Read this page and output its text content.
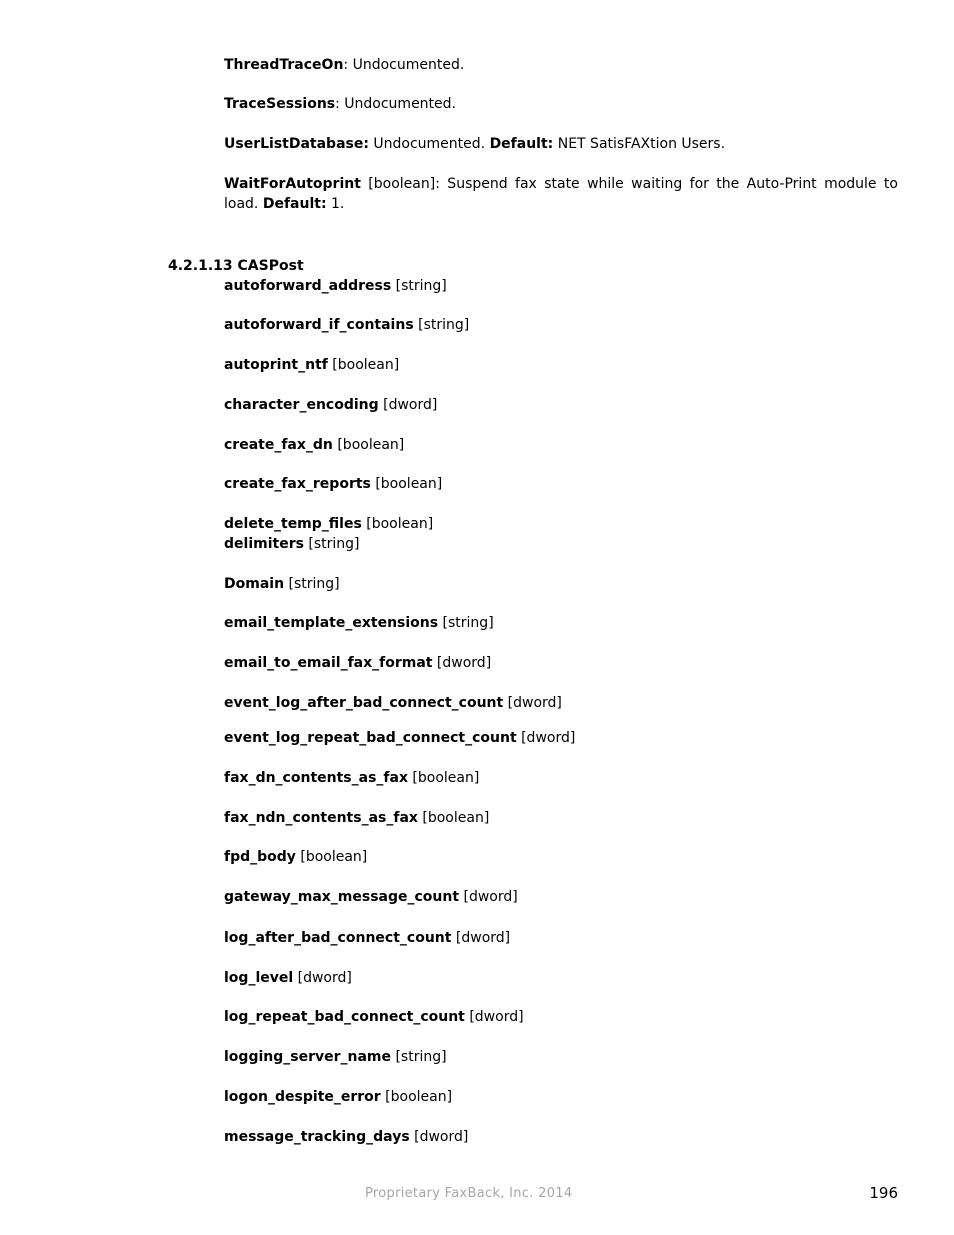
ThreadTraceOn: Undocumented.
TraceSessions: Undocumented.
UserListDatabase: Undocumented. Default: NET SatisFAXtion Users.
WaitForAutoprint [boolean]: Suspend fax state while waiting for the Auto-Print module to
load. Default: 1.
4.2.1.13 CASPost
autoforward_address [string]
autoforward_if_contains [string]
autoprint_ntf [boolean]
character_encoding [dword]
create_fax_dn [boolean]
create_fax_reports [boolean]
delete_temp_files [boolean]
delimiters [string]
Domain [string]
email_template_extensions [string]
email_to_email_fax_format [dword]
event_log_after_bad_connect_count [dword]
event_log_repeat_bad_connect_count [dword]
fax_dn_contents_as_fax [boolean]
fax_ndn_contents_as_fax [boolean]
fpd_body [boolean]
gateway_max_message_count [dword]
log_after_bad_connect_count [dword]
log_level [dword]
log_repeat_bad_connect_count [dword]
logging_server_name [string]
logon_despite_error [boolean]
message_tracking_days [dword]
Proprietary FaxBack, Inc. 2014	196
